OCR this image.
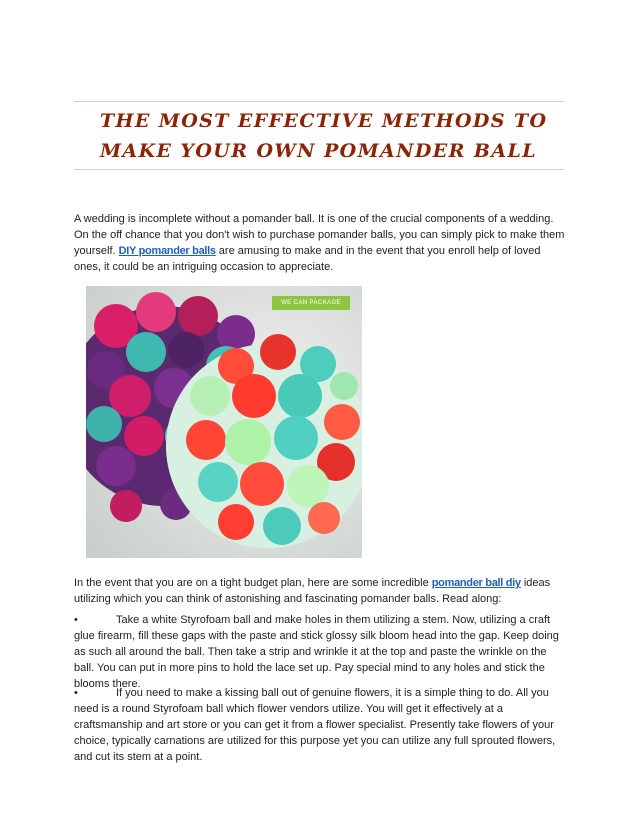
THE MOST EFFECTIVE METHODS TO
MAKE YOUR OWN POMANDER BALL

A wedding is incomplete without a pomander ball. It is one of the crucial components of a wedding. On the off chance that you don't wish to purchase pomander balls, you can simply pick to make them yourself. DIY pomander balls are amusing to make and in the event that you enroll help of loved ones, it could be an intriguing occasion to appreciate.

WE CAN PACKAGE

In the event that you are on a tight budget plan, here are some incredible pomander ball diy ideas utilizing which you can think of astonishing and fascinating pomander balls. Read along:

•	Take a white Styrofoam ball and make holes in them utilizing a stem. Now, utilizing a craft glue firearm, fill these gaps with the paste and stick glossy silk bloom head into the gap. Keep doing as such all around the ball. Then take a strip and wrinkle it at the top and paste the wrinkle on the ball. You can put in more pins to hold the lace set up. Pay special mind to any holes and stick the blooms there.

•	If you need to make a kissing ball out of genuine flowers, it is a simple thing to do. All you need is a round Styrofoam ball which flower vendors utilize. You will get it effectively at a craftsmanship and art store or you can get it from a flower specialist. Presently take flowers of your choice, typically carnations are utilized for this purpose yet you can utilize any full sprouted flowers, and cut its stem at a point.
